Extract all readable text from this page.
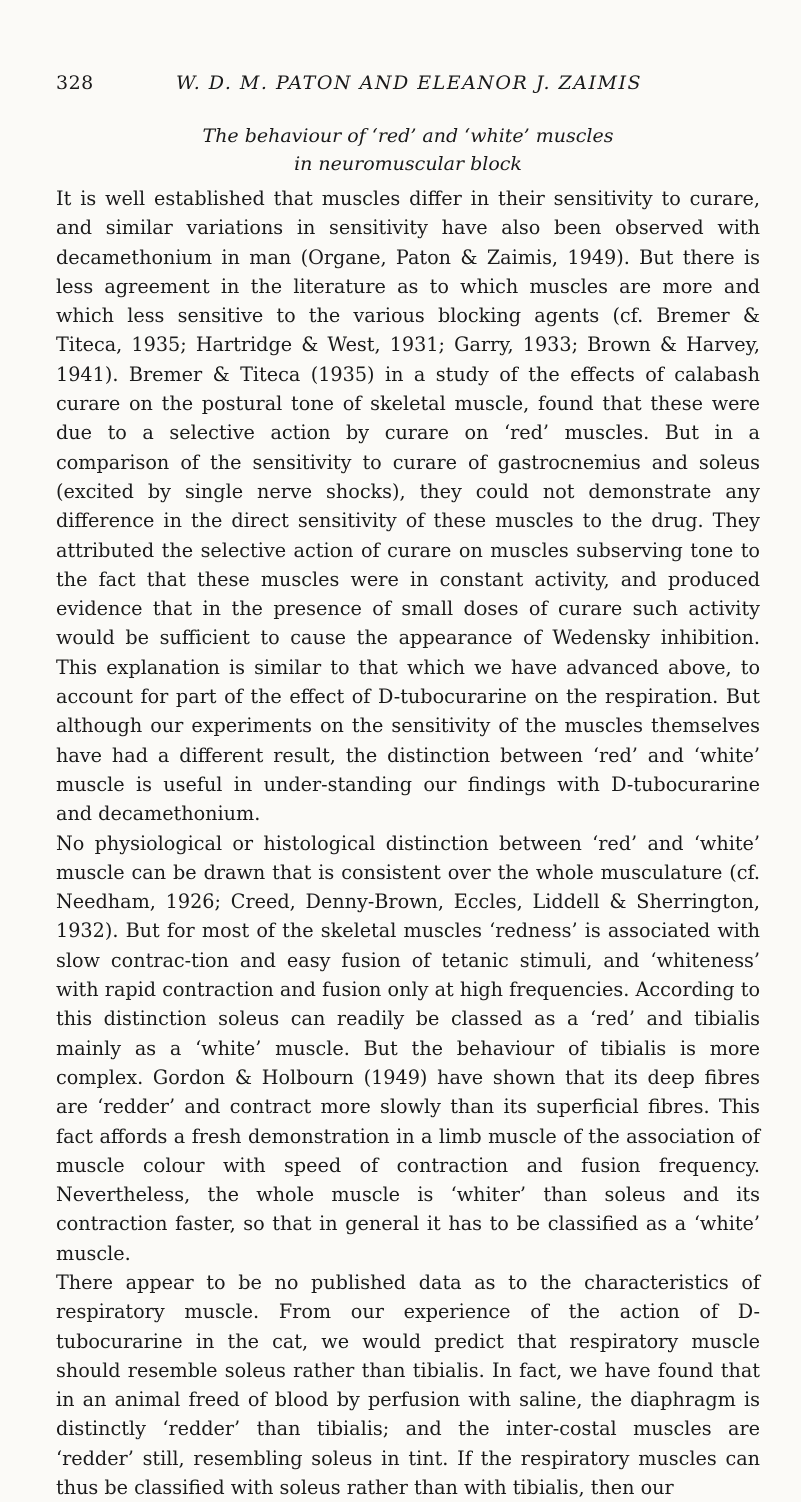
328	W. D. M. PATON AND ELEANOR J. ZAIMIS
The behaviour of ‘red’ and ‘white’ muscles
in neuromuscular block

It is well established that muscles differ in their sensitivity to curare, and similar variations in sensitivity have also been observed with decamethonium in man (Organe, Paton & Zaimis, 1949). But there is less agreement in the literature as to which muscles are more and which less sensitive to the various blocking agents (cf. Bremer & Titeca, 1935; Hartridge & West, 1931; Garry, 1933; Brown & Harvey, 1941). Bremer & Titeca (1935) in a study of the effects of calabash curare on the postural tone of skeletal muscle, found that these were due to a selective action by curare on ‘red’ muscles. But in a comparison of the sensitivity to curare of gastrocnemius and soleus (excited by single nerve shocks), they could not demonstrate any difference in the direct sensitivity of these muscles to the drug. They attributed the selective action of curare on muscles subserving tone to the fact that these muscles were in constant activity, and produced evidence that in the presence of small doses of curare such activity would be sufficient to cause the appearance of Wedensky inhibition. This explanation is similar to that which we have advanced above, to account for part of the effect of D-tubocurarine on the respiration. But although our experiments on the sensitivity of the muscles themselves have had a different result, the distinction between ‘red’ and ‘white’ muscle is useful in under-standing our findings with D-tubocurarine and decamethonium.

No physiological or histological distinction between ‘red’ and ‘white’ muscle can be drawn that is consistent over the whole musculature (cf. Needham, 1926; Creed, Denny-Brown, Eccles, Liddell & Sherrington, 1932). But for most of the skeletal muscles ‘redness’ is associated with slow contrac-tion and easy fusion of tetanic stimuli, and ‘whiteness’ with rapid contraction and fusion only at high frequencies. According to this distinction soleus can readily be classed as a ‘red’ and tibialis mainly as a ‘white’ muscle. But the behaviour of tibialis is more complex. Gordon & Holbourn (1949) have shown that its deep fibres are ‘redder’ and contract more slowly than its superficial fibres. This fact affords a fresh demonstration in a limb muscle of the association of muscle colour with speed of contraction and fusion frequency. Nevertheless, the whole muscle is ‘whiter’ than soleus and its contraction faster, so that in general it has to be classified as a ‘white’ muscle.

There appear to be no published data as to the characteristics of respiratory muscle. From our experience of the action of D-tubocurarine in the cat, we would predict that respiratory muscle should resemble soleus rather than tibialis. In fact, we have found that in an animal freed of blood by perfusion with saline, the diaphragm is distinctly ‘redder’ than tibialis; and the inter-costal muscles are ‘redder’ still, resembling soleus in tint. If the respiratory muscles can thus be classified with soleus rather than with tibialis, then our
